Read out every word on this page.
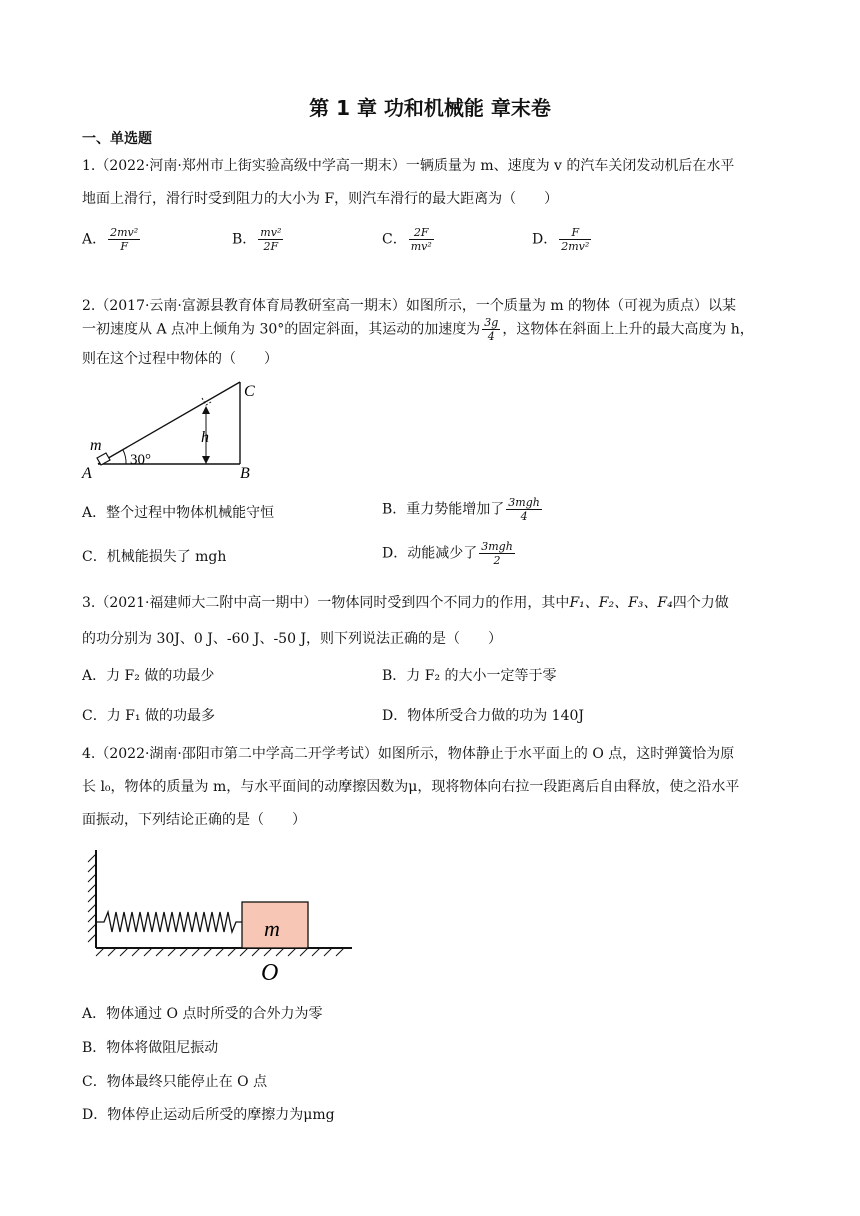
第 1 章 功和机械能 章末卷
一、单选题
1.（2022·河南·郑州市上街实验高级中学高一期末）一辆质量为 m、速度为 v 的汽车关闭发动机后在水平
地面上滑行，滑行时受到阻力的大小为 F，则汽车滑行的最大距离为（　　）
A． $\frac{\text{2mv²}}{F}$	B． $\frac{\text{mv²}}{2F}$	C． $\frac{2F}{\text{mv²}}$	D． $\frac{F}{\text{2mv²}}$
2.（2017·云南·富源县教育体育局教研室高一期末）如图所示，一个质量为 m 的物体（可视为质点）以某
一初速度从 A 点冲上倾角为 30°的固定斜面，其运动的加速度为 $\frac{3g}{4}$ ，这物体在斜面上上升的最大高度为 h，
则在这个过程中物体的（　　）
h
C
B
A
m
30°
A．整个过程中物体机械能守恒	B．重力势能增加了 $\frac{\text{3mgh}}{4}$
C．机械能损失了 mgh	D．动能减少了 $\frac{\text{3mgh}}{2}$
3.（2021·福建师大二附中高一期中）一物体同时受到四个不同力的作用，其中F₁、F₂、F₃、F₄四个力做
的功分别为 30J、0 J、-60 J、-50 J，则下列说法正确的是（　　）
A．力 F₂ 做的功最少	B．力 F₂ 的大小一定等于零
C．力 F₁ 做的功最多	D．物体所受合力做的功为 140J
4.（2022·湖南·邵阳市第二中学高二开学考试）如图所示，物体静止于水平面上的 O 点，这时弹簧恰为原
长 l₀，物体的质量为 m，与水平面间的动摩擦因数为μ，现将物体向右拉一段距离后自由释放，使之沿水平
面振动，下列结论正确的是（　　）
m
O
A．物体通过 O 点时所受的合外力为零
B．物体将做阻尼振动
C．物体最终只能停止在 O 点
D．物体停止运动后所受的摩擦力为μmg
